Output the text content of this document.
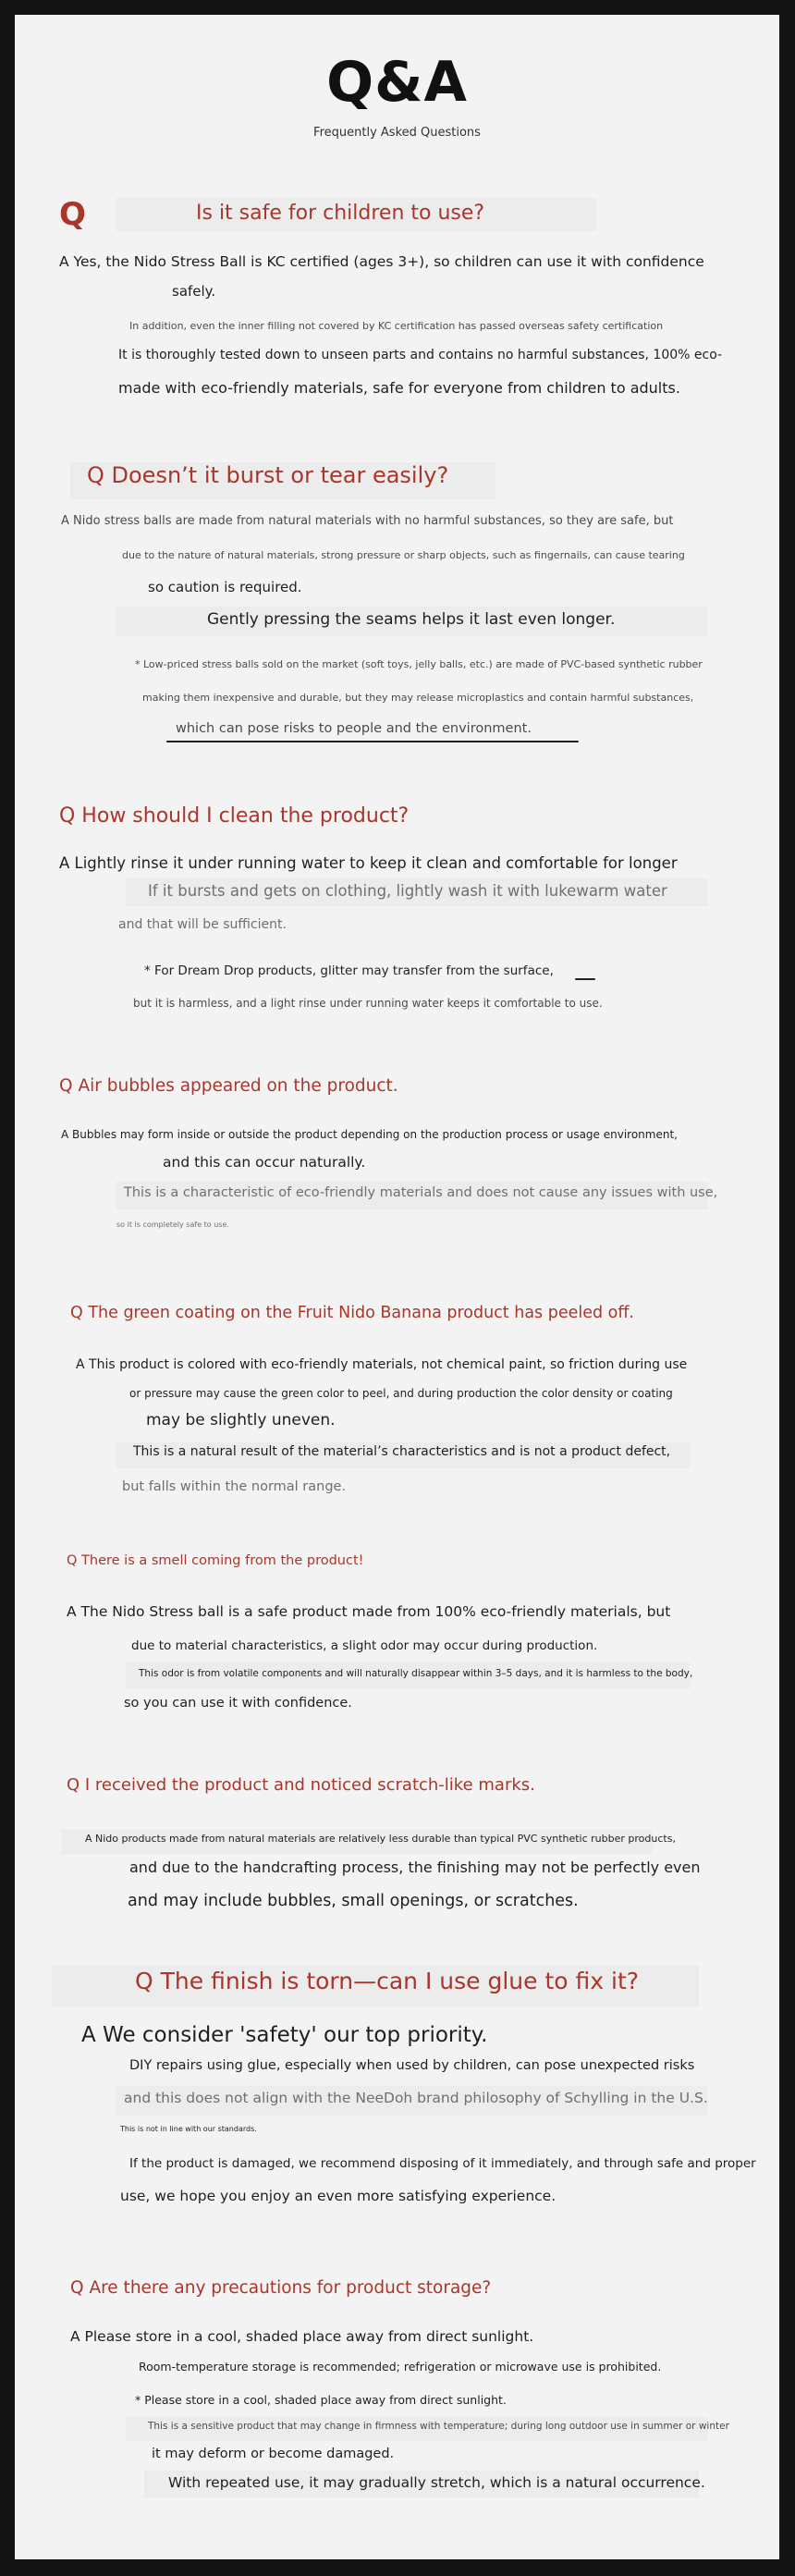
Q&A
Frequently Asked Questions
Q	Is it safe for children to use?
A Yes, the Nido Stress Ball is KC certified (ages 3+), so children can use it with confidence
safely.
In addition, even the inner filling not covered by KC certification has passed overseas safety certification
It is thoroughly tested down to unseen parts and contains no harmful substances, 100% eco-
made with eco-friendly materials, safe for everyone from children to adults.
Q Doesn’t it burst or tear easily?
A Nido stress balls are made from natural materials with no harmful substances, so they are safe, but
due to the nature of natural materials, strong pressure or sharp objects, such as fingernails, can cause tearing
so caution is required.
Gently pressing the seams helps it last even longer.
* Low-priced stress balls sold on the market (soft toys, jelly balls, etc.) are made of PVC-based synthetic rubber
making them inexpensive and durable, but they may release microplastics and contain harmful substances,
which can pose risks to people and the environment.
Q How should I clean the product?
A Lightly rinse it under running water to keep it clean and comfortable for longer
If it bursts and gets on clothing, lightly wash it with lukewarm water
and that will be sufficient.
* For Dream Drop products, glitter may transfer from the surface,
but it is harmless, and a light rinse under running water keeps it comfortable to use.
Q Air bubbles appeared on the product.
A Bubbles may form inside or outside the product depending on the production process or usage environment,
and this can occur naturally.
This is a characteristic of eco-friendly materials and does not cause any issues with use,
so it is completely safe to use.
Q The green coating on the Fruit Nido Banana product has peeled off.
A This product is colored with eco-friendly materials, not chemical paint, so friction during use
or pressure may cause the green color to peel, and during production the color density or coating
may be slightly uneven.
This is a natural result of the material’s characteristics and is not a product defect,
but falls within the normal range.
Q There is a smell coming from the product!
A The Nido Stress ball is a safe product made from 100% eco-friendly materials, but
due to material characteristics, a slight odor may occur during production.
This odor is from volatile components and will naturally disappear within 3–5 days, and it is harmless to the body,
so you can use it with confidence.
Q I received the product and noticed scratch-like marks.
A Nido products made from natural materials are relatively less durable than typical PVC synthetic rubber products,
and due to the handcrafting process, the finishing may not be perfectly even
and may include bubbles, small openings, or scratches.
Q The finish is torn—can I use glue to fix it?
A We consider 'safety' our top priority.
DIY repairs using glue, especially when used by children, can pose unexpected risks
and this does not align with the NeeDoh brand philosophy of Schylling in the U.S.
This is not in line with our standards.
If the product is damaged, we recommend disposing of it immediately, and through safe and proper
use, we hope you enjoy an even more satisfying experience.
Q Are there any precautions for product storage?
A Please store in a cool, shaded place away from direct sunlight.
Room-temperature storage is recommended; refrigeration or microwave use is prohibited.
* Please store in a cool, shaded place away from direct sunlight.
This is a sensitive product that may change in firmness with temperature; during long outdoor use in summer or winter
it may deform or become damaged.
With repeated use, it may gradually stretch, which is a natural occurrence.
